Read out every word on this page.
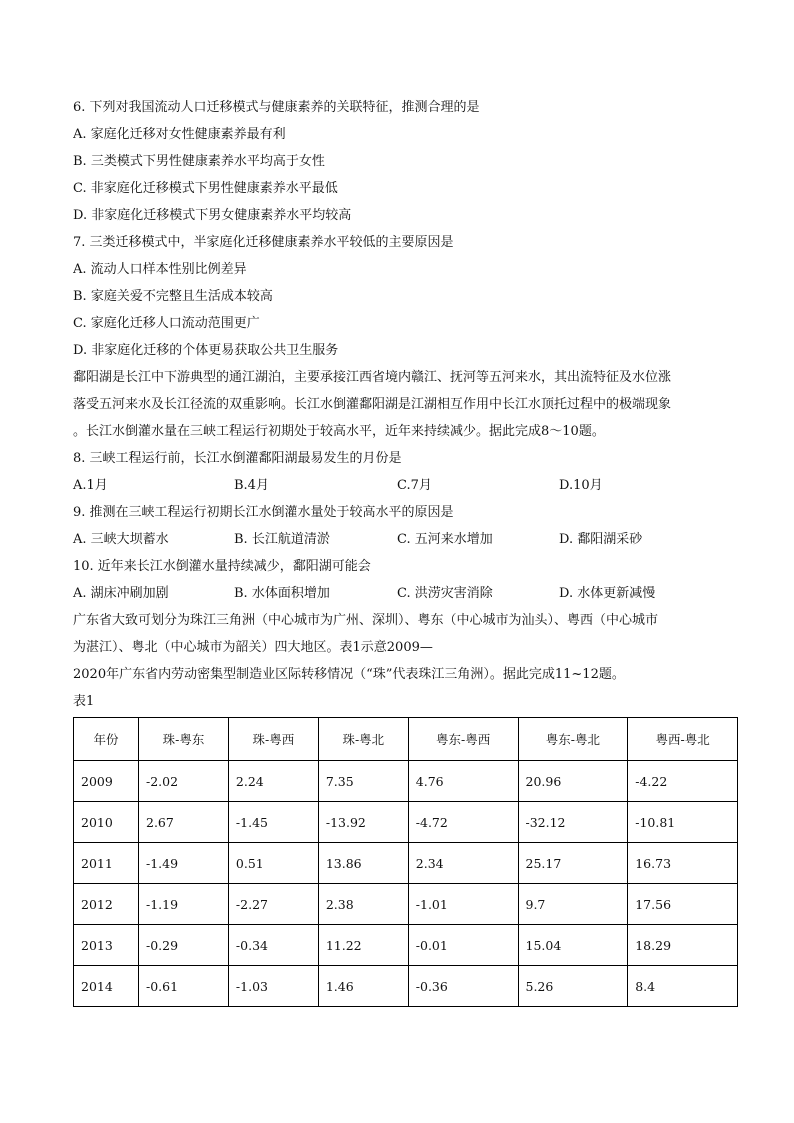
6. 下列对我国流动人口迁移模式与健康素养的关联特征，推测合理的是
A. 家庭化迁移对女性健康素养最有利
B. 三类模式下男性健康素养水平均高于女性
C. 非家庭化迁移模式下男性健康素养水平最低
D. 非家庭化迁移模式下男女健康素养水平均较高
7. 三类迁移模式中，半家庭化迁移健康素养水平较低的主要原因是
A. 流动人口样本性别比例差异
B. 家庭关爱不完整且生活成本较高
C. 家庭化迁移人口流动范围更广
D. 非家庭化迁移的个体更易获取公共卫生服务
鄱阳湖是长江中下游典型的通江湖泊，主要承接江西省境内赣江、抚河等五河来水，其出流特征及水位涨
落受五河来水及长江径流的双重影响。长江水倒灌鄱阳湖是江湖相互作用中长江水顶托过程中的极端现象
。长江水倒灌水量在三峡工程运行初期处于较高水平，近年来持续减少。据此完成8～10题。
8. 三峡工程运行前，长江水倒灌鄱阳湖最易发生的月份是
A.1月	B.4月	C.7月	D.10月
9. 推测在三峡工程运行初期长江水倒灌水量处于较高水平的原因是
A. 三峡大坝蓄水	B. 长江航道清淤	C. 五河来水增加	D. 鄱阳湖采砂
10. 近年来长江水倒灌水量持续减少，鄱阳湖可能会
A. 湖床冲刷加剧	B. 水体面积增加	C. 洪涝灾害消除	D. 水体更新减慢
广东省大致可划分为珠江三角洲（中心城市为广州、深圳）、粤东（中心城市为汕头）、粤西（中心城市
为湛江）、粤北（中心城市为韶关）四大地区。表1示意2009—
2020年广东省内劳动密集型制造业区际转移情况（“珠”代表珠江三角洲）。据此完成11~12题。
表1
年份	珠-粤东	珠-粤西	珠-粤北	粤东-粤西	粤东-粤北	粤西-粤北
2009	-2.02	2.24	7.35	4.76	20.96	-4.22
2010	2.67	-1.45	-13.92	-4.72	-32.12	-10.81
2011	-1.49	0.51	13.86	2.34	25.17	16.73
2012	-1.19	-2.27	2.38	-1.01	9.7	17.56
2013	-0.29	-0.34	11.22	-0.01	15.04	18.29
2014	-0.61	-1.03	1.46	-0.36	5.26	8.4
